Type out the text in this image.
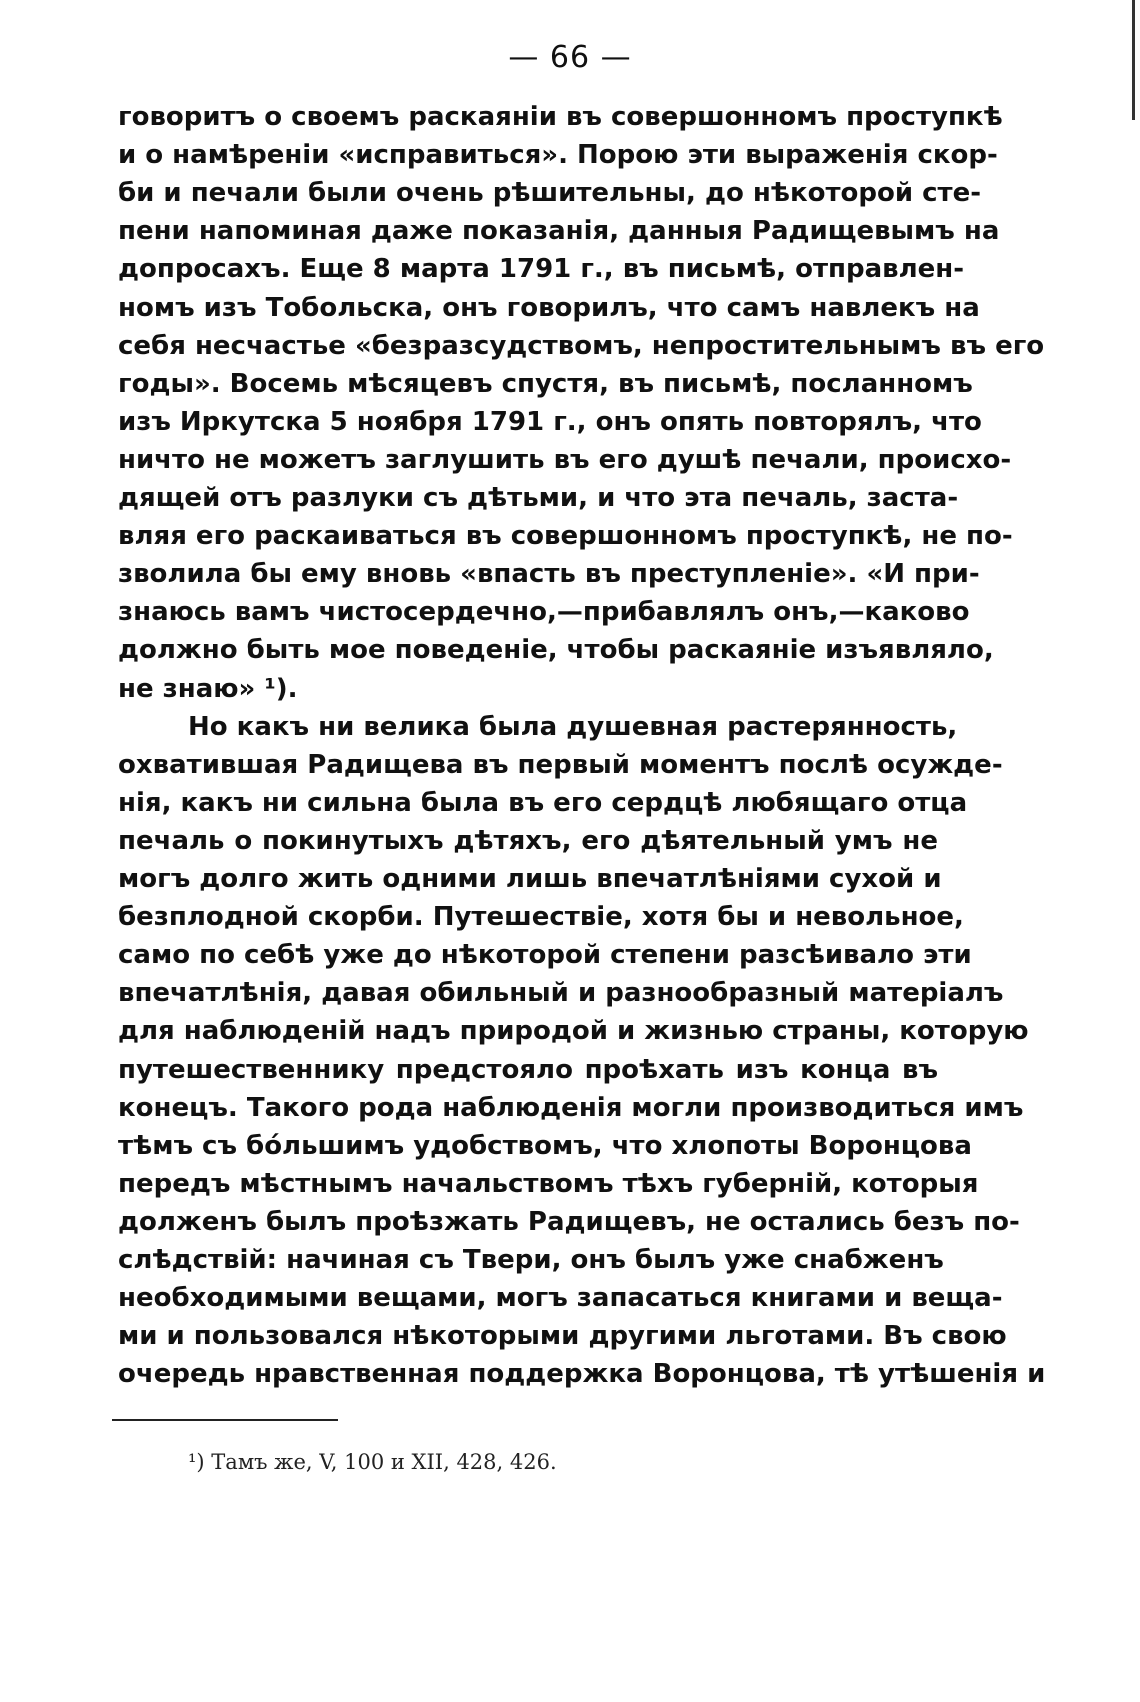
— 66 —
говоритъ о своемъ раскаяніи въ совершонномъ проступкѣ
и о намѣреніи «исправиться». Порою эти выраженія скор-
би и печали были очень рѣшительны, до нѣкоторой сте-
пени напоминая даже показанія, данныя Радищевымъ на
допросахъ. Еще 8 марта 1791 г., въ письмѣ, отправлен-
номъ изъ Тобольска, онъ говорилъ, что самъ навлекъ на
себя несчастье «безразсудствомъ, непростительнымъ въ его
годы». Восемь мѣсяцевъ спустя, въ письмѣ, посланномъ
изъ Иркутска 5 ноября 1791 г., онъ опять повторялъ, что
ничто не можетъ заглушить въ его душѣ печали, происхо-
дящей отъ разлуки съ дѣтьми, и что эта печаль, заста-
вляя его раскаиваться въ совершонномъ проступкѣ, не по-
зволила бы ему вновь «впасть въ преступленіе». «И при-
знаюсь вамъ чистосердечно,—прибавлялъ онъ,—каково
должно быть мое поведеніе, чтобы раскаяніе изъявляло,
не знаю» ¹).
Но какъ ни велика была душевная растерянность,
охватившая Радищева въ первый моментъ послѣ осужде-
нія, какъ ни сильна была въ его сердцѣ любящаго отца
печаль о покинутыхъ дѣтяхъ, его дѣятельный умъ не
могъ долго жить одними лишь впечатлѣніями сухой и
безплодной скорби. Путешествіе, хотя бы и невольное,
само по себѣ уже до нѣкоторой степени разсѣивало эти
впечатлѣнія, давая обильный и разнообразный матеріалъ
для наблюденій надъ природой и жизнью страны, которую
путешественнику предстояло проѣхать изъ конца въ
конецъ. Такого рода наблюденія могли производиться имъ
тѣмъ съ бóльшимъ удобствомъ, что хлопоты Воронцова
передъ мѣстнымъ начальствомъ тѣхъ губерній, которыя
долженъ былъ проѣзжать Радищевъ, не остались безъ по-
слѣдствій: начиная съ Твери, онъ былъ уже снабженъ
необходимыми вещами, могъ запасаться книгами и веща-
ми и пользовался нѣкоторыми другими льготами. Въ свою
очередь нравственная поддержка Воронцова, тѣ утѣшенія и
¹) Тамъ же, V, 100 и XII, 428, 426.
